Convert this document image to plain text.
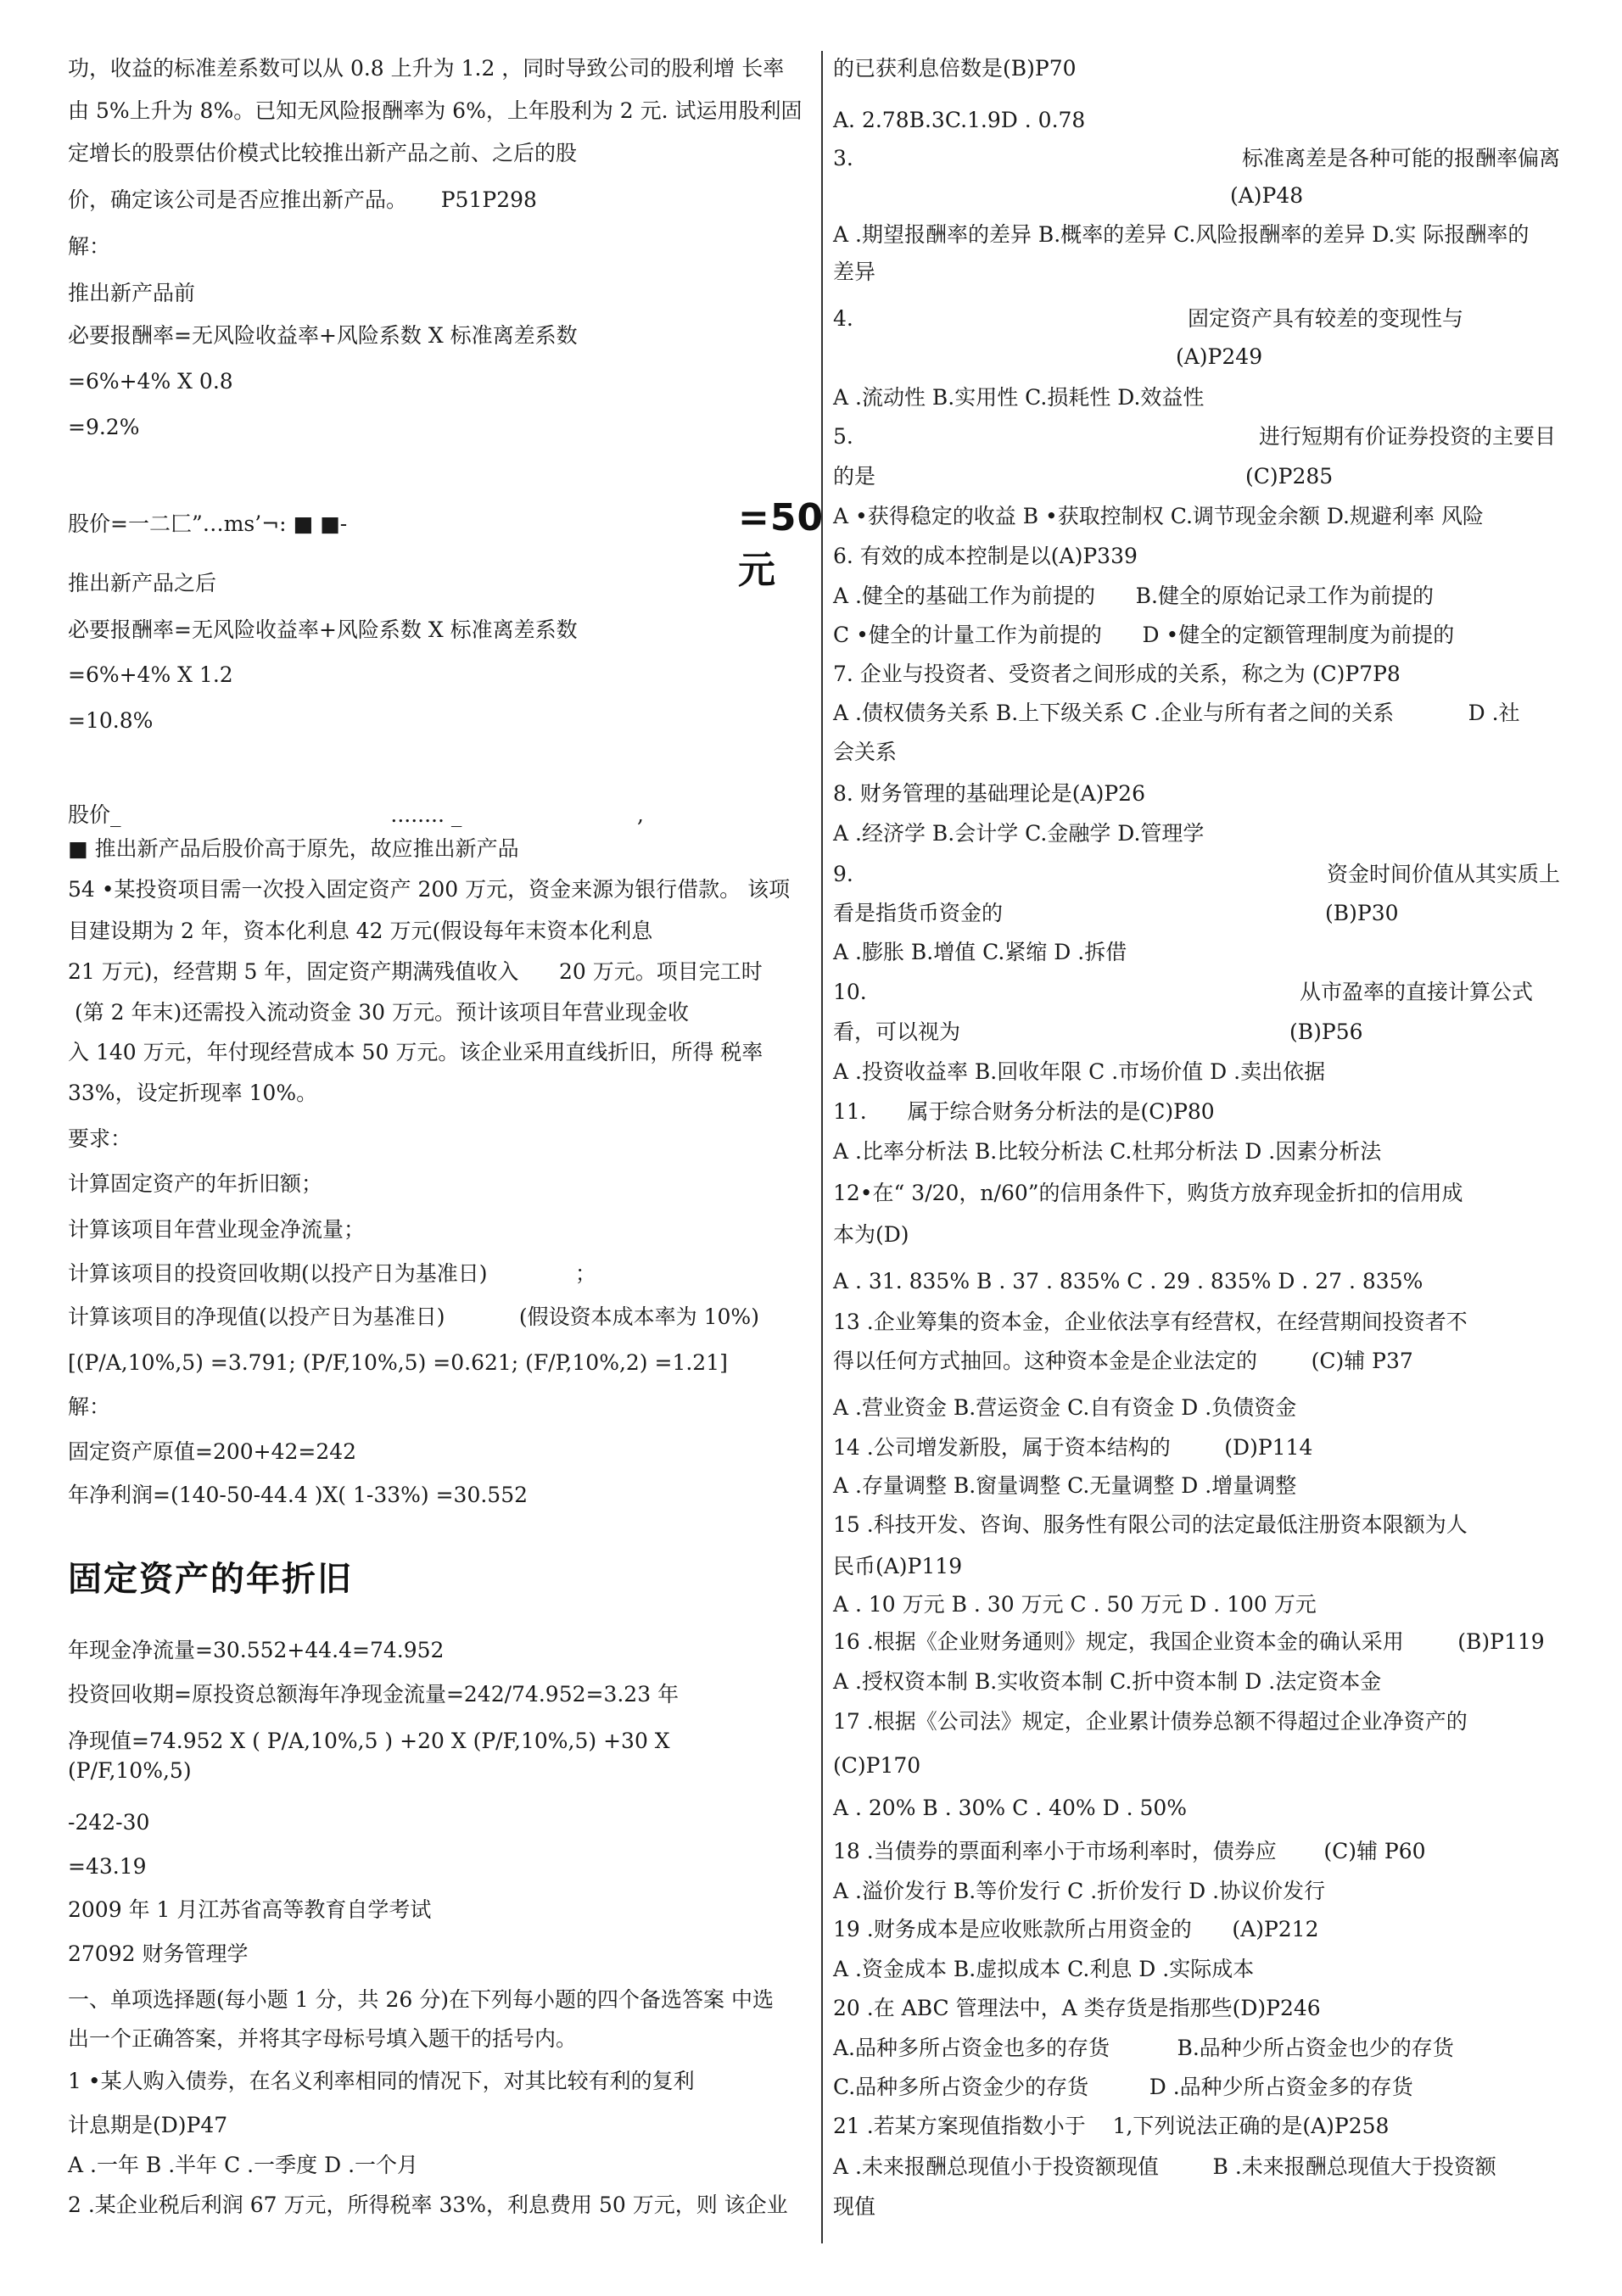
功，收益的标准差系数可以从 0.8 上升为 1.2 ，同时导致公司的股利增 长率
由 5%上升为 8%。已知无风险报酬率为 6%，上年股利为 2 元. 试运用股利固
定增长的股票估价模式比较推出新产品之前、之后的股
价，确定该公司是否应推出新产品。     P51P298
解：
推出新产品前
必要报酬率=无风险收益率+风险系数 X 标准离差系数
=6%+4% X 0.8
=9.2%
股价=一二匚”…ms’¬: ■ ■-	=50元
推出新产品之后
必要报酬率=无风险收益率+风险系数 X 标准离差系数
=6%+4% X 1.2
=10.8%
股价_                                        ........ _                          ,
■ 推出新产品后股价高于原先，故应推出新产品
54 •某投资项目需一次投入固定资产 200 万元，资金来源为银行借款。 该项
目建设期为 2 年，资本化利息 42 万元(假设每年末资本化利息
21 万元)，经营期 5 年，固定资产期满残值收入      20 万元。项目完工时
(第 2 年末)还需投入流动资金 30 万元。预计该项目年营业现金收
入 140 万元，年付现经营成本 50 万元。该企业采用直线折旧，所得 税率
33%，设定折现率 10%。
要求：
计算固定资产的年折旧额；
计算该项目年营业现金净流量；
计算该项目的投资回收期(以投产日为基准日)             ；
计算该项目的净现值(以投产日为基准日)           (假设资本成本率为 10%)
[(P/A,10%,5) =3.791; (P/F,10%,5) =0.621; (F/P,10%,2) =1.21]
解：
固定资产原值=200+42=242
年净利润=(140-50-44.4 )X( 1-33%) =30.552
固定资产的年折旧
年现金净流量=30.552+44.4=74.952
投资回收期=原投资总额海年净现金流量=242/74.952=3.23 年
净现值=74.952 X ( P/A,10%,5 ) +20 X (P/F,10%,5) +30 X
(P/F,10%,5)
-242-30
=43.19
2009 年 1 月江苏省高等教育自学考试
27092 财务管理学
一、单项选择题(每小题 1 分，共 26 分)在下列每小题的四个备选答案 中选
出一个正确答案，并将其字母标号填入题干的括号内。
1 •某人购入债券，在名义利率相同的情况下，对其比较有利的复利
计息期是(D)P47
A .一年 B .半年 C .一季度 D .一个月
2 .某企业税后利润 67 万元，所得税率 33%，利息费用 50 万元，则 该企业
的已获利息倍数是(B)P70
A. 2.78B.3C.1.9D . 0.78
3.	标准离差是各种可能的报酬率偏离
(A)P48
A .期望报酬率的差异 B.概率的差异 C.风险报酬率的差异 D.实 际报酬率的
差异
4.	固定资产具有较差的变现性与
(A)P249
A .流动性 B.实用性 C.损耗性 D.效益性
5.	进行短期有价证券投资的主要目
的是	(C)P285
A •获得稳定的收益 B •获取控制权 C.调节现金余额 D.规避利率 风险
6. 有效的成本控制是以(A)P339
A .健全的基础工作为前提的      B.健全的原始记录工作为前提的
C •健全的计量工作为前提的      D •健全的定额管理制度为前提的
7. 企业与投资者、受资者之间形成的关系，称之为 (C)P7P8
A .债权债务关系 B.上下级关系 C .企业与所有者之间的关系           D .社
会关系
8. 财务管理的基础理论是(A)P26
A .经济学 B.会计学 C.金融学 D.管理学
9.	资金时间价值从其实质上
看是指货币资金的	(B)P30
A .膨胀 B.增值 C.紧缩 D .拆借
10.	从市盈率的直接计算公式
看，可以视为	(B)P56
A .投资收益率 B.回收年限 C .市场价值 D .卖出依据
11.      属于综合财务分析法的是(C)P80
A .比率分析法 B.比较分析法 C.杜邦分析法 D .因素分析法
12•在“ 3/20，n/60”的信用条件下，购货方放弃现金折扣的信用成
本为(D)
A . 31. 835% B . 37 . 835% C . 29 . 835% D . 27 . 835%
13 .企业筹集的资本金，企业依法享有经营权，在经营期间投资者不
得以任何方式抽回。这种资本金是企业法定的        (C)辅 P37
A .营业资金 B.营运资金 C.自有资金 D .负债资金
14 .公司增发新股，属于资本结构的        (D)P114
A .存量调整 B.窗量调整 C.无量调整 D .增量调整
15 .科技开发、咨询、服务性有限公司的法定最低注册资本限额为人
民币(A)P119
A . 10 万元 B . 30 万元 C . 50 万元 D . 100 万元
16 .根据《企业财务通则》规定，我国企业资本金的确认采用        (B)P119
A .授权资本制 B.实收资本制 C.折中资本制 D .法定资本金
17 .根据《公司法》规定，企业累计债券总额不得超过企业净资产的
(C)P170
A . 20% B . 30% C . 40% D . 50%
18 .当债券的票面利率小于市场利率时，债券应       (C)辅 P60
A .溢价发行 B.等价发行 C .折价发行 D .协议价发行
19 .财务成本是应收账款所占用资金的      (A)P212
A .资金成本 B.虚拟成本 C.利息 D .实际成本
20 .在 ABC 管理法中，A 类存货是指那些(D)P246
A.品种多所占资金也多的存货          B.品种少所占资金也少的存货
C.品种多所占资金少的存货         D .品种少所占资金多的存货
21 .若某方案现值指数小于    1,下列说法正确的是(A)P258
A .未来报酬总现值小于投资额现值        B .未来报酬总现值大于投资额
现值
